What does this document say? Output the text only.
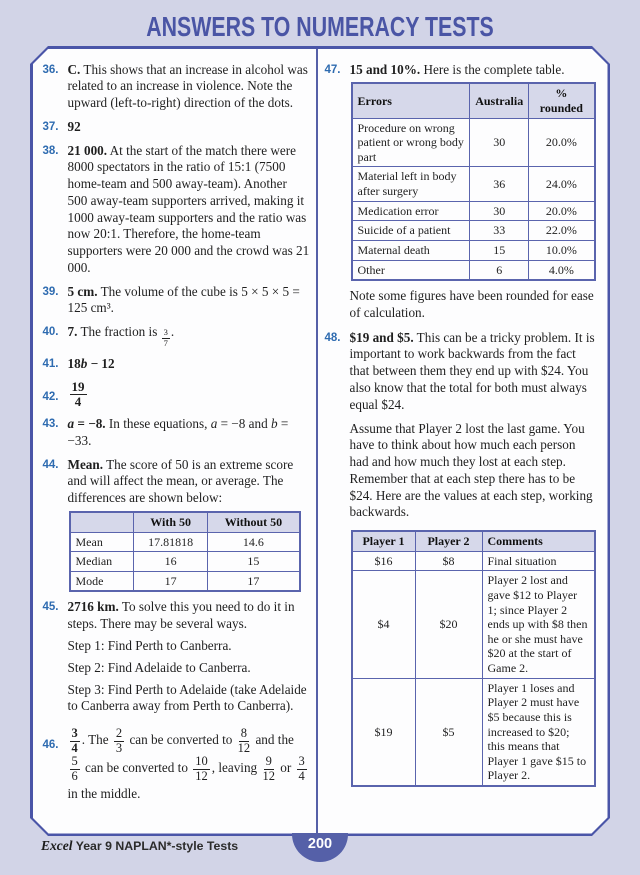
ANSWERS TO NUMERACY TESTS
36. C. This shows that an increase in alcohol was related to an increase in violence. Note the upward (left-to-right) direction of the dots.
37. 92
38. 21 000. At the start of the match there were 8000 spectators in the ratio of 15:1 (7500 home-team and 500 away-team). Another 500 away-team supporters arrived, making it 1000 away-team supporters and the ratio was now 20:1. Therefore, the home-team supporters were 20 000 and the crowd was 21 000.
39. 5 cm. The volume of the cube is 5 × 5 × 5 = 125 cm³.
40. 7. The fraction is $\frac{3}{7}$ .
41. 18b − 12
42. $\frac{19}{4}$
43. a = −8. In these equations, a = −8 and b = −33.
44. Mean. The score of 50 is an extreme score and will affect the mean, or average. The differences are shown below:
	With 50	Without 50
Mean	17.81818	14.6
Median	16	15
Mode	17	17
45. 2716 km. To solve this you need to do it in steps. There may be several ways.

Step 1: Find Perth to Canberra.

Step 2: Find Adelaide to Canberra.

Step 3: Find Perth to Adelaide (take Adelaide to Canberra away from Perth to Canberra).

46. $\frac{3}{4}$ . The $\frac{2}{3}$ can be converted to $\frac{8}{12}$ and the
$\frac{5}{6}$ can be converted to $\frac{10}{12}$ , leaving $\frac{9}{12}$ or $\frac{3}{4}$
in the middle.
47. 15 and 10%. Here is the complete table.
Errors	Australia	% rounded
Procedure on wrong patient or wrong body part	30	20.0%
Material left in body after surgery	36	24.0%
Medication error	30	20.0%
Suicide of a patient	33	22.0%
Maternal death	15	10.0%
Other	6	4.0%
Note some figures have been rounded for ease of calculation.
48. $19 and $5. This can be a tricky problem. It is important to work backwards from the fact that between them they end up with $24. You also know that the total for both must always equal $24.

Assume that Player 2 lost the last game. You have to think about how much each person had and how much they lost at each step. Remember that at each step there has to be $24. Here are the values at each step, working backwards.

Player 1	Player 2	Comments
$16	$8	Final situation
$4	$20	Player 2 lost and gave $12 to Player 1; since Player 2 ends up with $8 then he or she must have $20 at the start of Game 2.
$19	$5	Player 1 loses and Player 2 must have $5 because this is increased to $20; this means that Player 1 gave $15 to Player 2.
200
Excel Year 9 NAPLAN*-style Tests
